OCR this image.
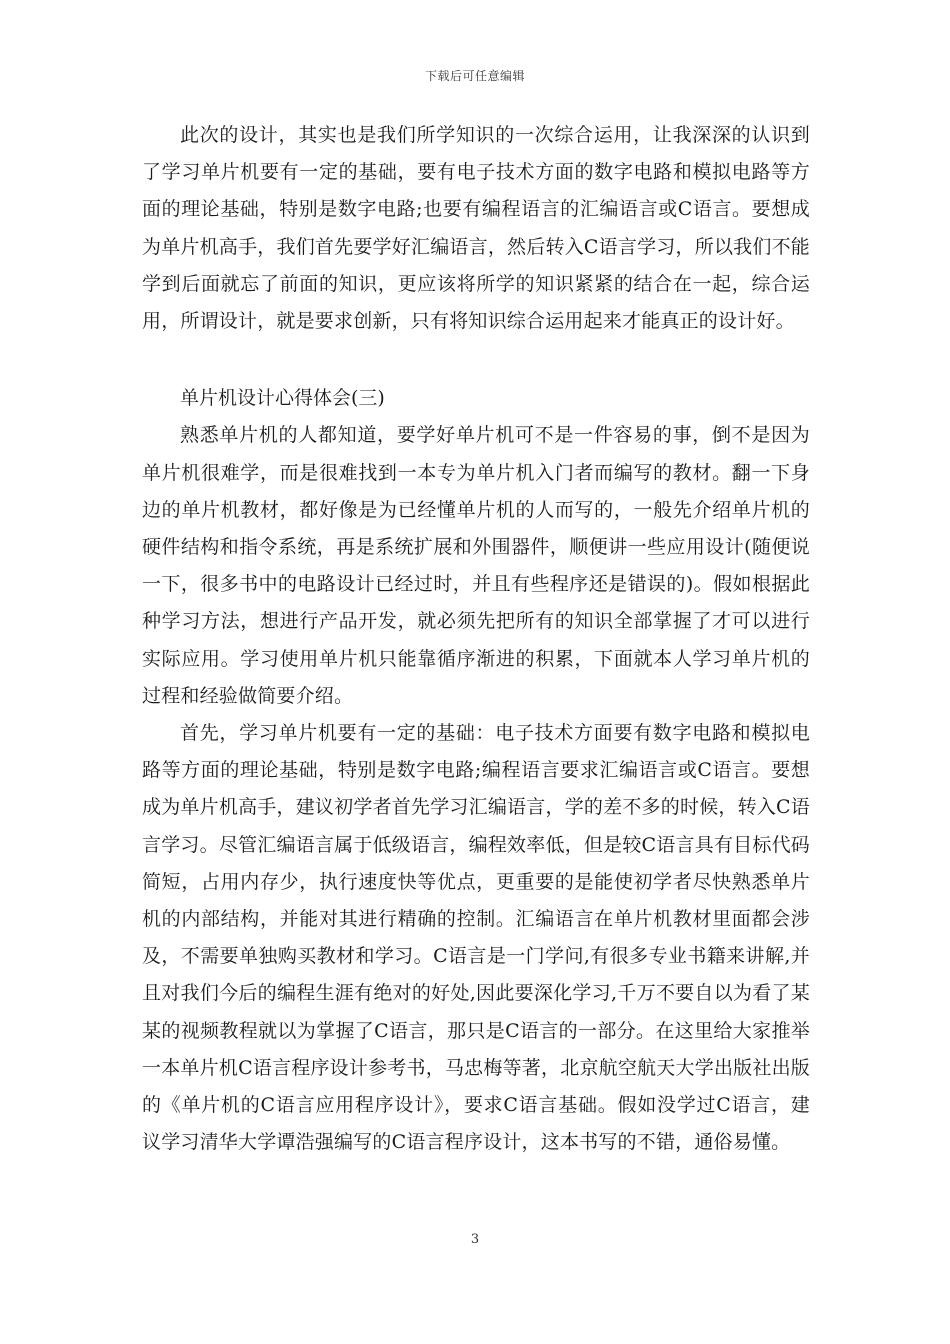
下载后可任意编辑

此次的设计，其实也是我们所学知识的一次综合运用，让我深深的认识到了学习单片机要有一定的基础，要有电子技术方面的数字电路和模拟电路等方面的理论基础，特别是数字电路;也要有编程语言的汇编语言或C语言。要想成为单片机高手，我们首先要学好汇编语言，然后转入C语言学习，所以我们不能学到后面就忘了前面的知识，更应该将所学的知识紧紧的结合在一起，综合运用，所谓设计，就是要求创新，只有将知识综合运用起来才能真正的设计好。

单片机设计心得体会(三)

熟悉单片机的人都知道，要学好单片机可不是一件容易的事，倒不是因为单片机很难学，而是很难找到一本专为单片机入门者而编写的教材。翻一下身边的单片机教材，都好像是为已经懂单片机的人而写的，一般先介绍单片机的硬件结构和指令系统，再是系统扩展和外围器件，顺便讲一些应用设计(随便说一下，很多书中的电路设计已经过时，并且有些程序还是错误的)。假如根据此种学习方法，想进行产品开发，就必须先把所有的知识全部掌握了才可以进行实际应用。学习使用单片机只能靠循序渐进的积累，下面就本人学习单片机的过程和经验做简要介绍。

首先，学习单片机要有一定的基础：电子技术方面要有数字电路和模拟电路等方面的理论基础，特别是数字电路;编程语言要求汇编语言或C语言。要想成为单片机高手，建议初学者首先学习汇编语言，学的差不多的时候，转入C语言学习。尽管汇编语言属于低级语言，编程效率低，但是较C语言具有目标代码简短，占用内存少，执行速度快等优点，更重要的是能使初学者尽快熟悉单片机的内部结构，并能对其进行精确的控制。汇编语言在单片机教材里面都会涉及，不需要单独购买教材和学习。C语言是一门学问,有很多专业书籍来讲解,并且对我们今后的编程生涯有绝对的好处,因此要深化学习,千万不要自以为看了某某的视频教程就以为掌握了C语言，那只是C语言的一部分。在这里给大家推举一本单片机C语言程序设计参考书，马忠梅等著，北京航空航天大学出版社出版的《单片机的C语言应用程序设计》，要求C语言基础。假如没学过C语言，建议学习清华大学谭浩强编写的C语言程序设计，这本书写的不错，通俗易懂。

3
